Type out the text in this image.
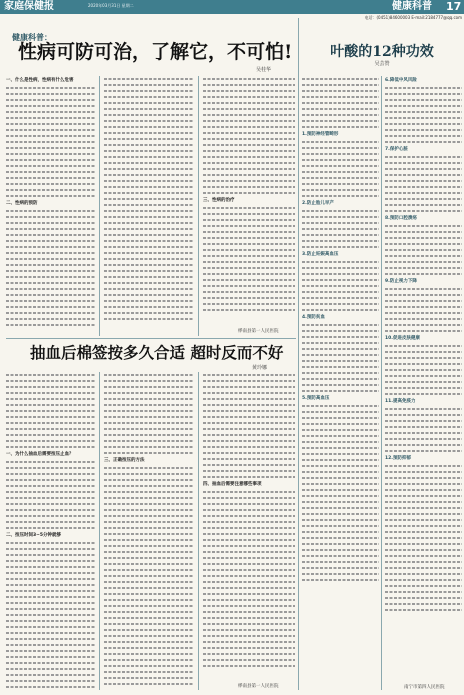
家庭保健报	2020年03月31日 星期二	健康科普 17
电话：(0451)84600003 E-mail:2184777@qq.com
健康科普：
性病可防可治，了解它，不可怕!
吴桂华
一、什么是性病，性病有什么危害

二、性病的预防

三、性病的治疗

桦南县第一人民医院
抽血后棉签按多久合适 超时反而不好
黄玲娜

一、为什么抽血后需要按压止血？

二、按压时间3~5分钟就够

三、正确按压的方法

四、抽血后需要注意哪些事项

桦南县第一人民医院
叶酸的12种功效
吴芸赞

1.预防神经管畸形

2.防止胎儿早产

3.防止妊娠高血压

4.预防贫血

5.预防高血压

6.降低中风风险

7.保护心脏

8.预防口腔溃疡

9.防止视力下降

10.促进皮肤健康

11.提高免疫力

12.预防抑郁

南宁市第四人民医院
